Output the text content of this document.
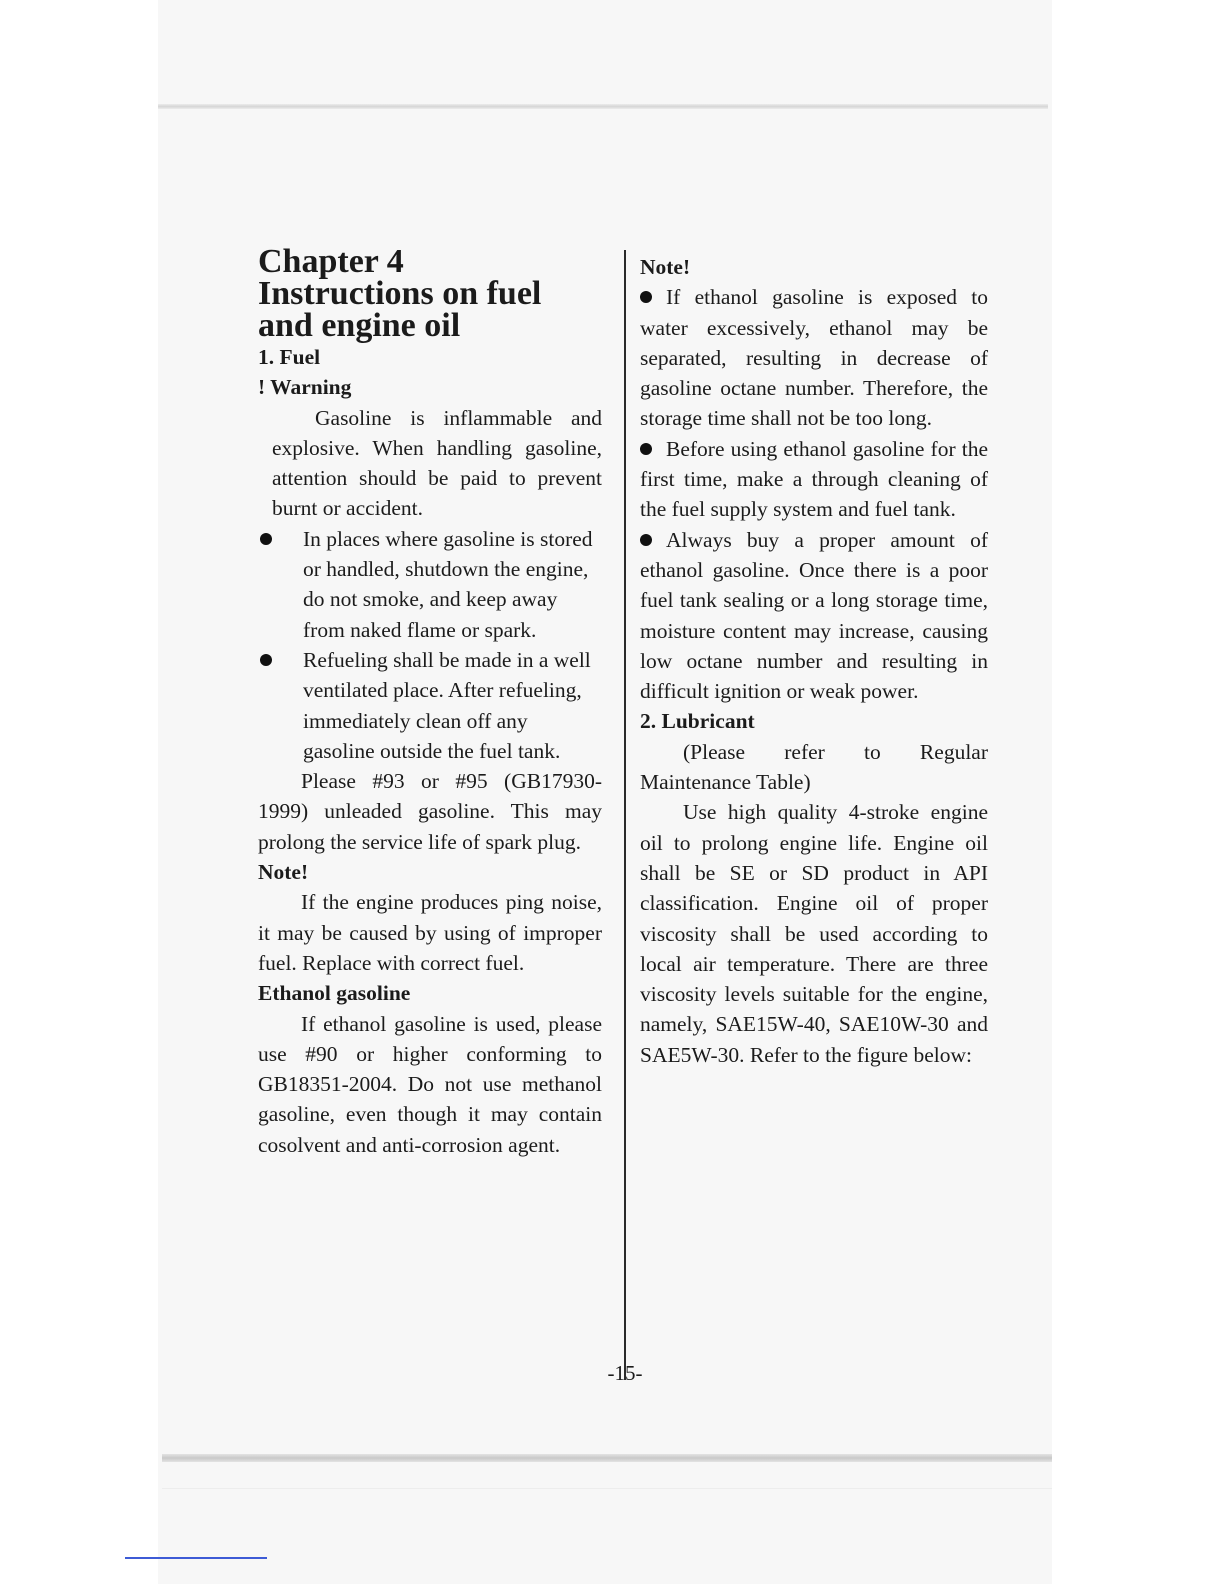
Chapter 4

Instructions on fuel

and engine oil

1. Fuel

! Warning

Gasoline is inflammable and explosive. When handling gasoline, attention should be paid to prevent burnt or accident.

In places where gasoline is stored or handled, shutdown the engine, do not smoke, and keep away from naked flame or spark.

Refueling shall be made in a well ventilated place. After refueling, immediately clean off any gasoline outside the fuel tank.

Please #93 or #95 (GB17930-1999) unleaded gasoline. This may prolong the service life of spark plug.

Note!

If the engine produces ping noise, it may be caused by using of improper fuel. Replace with correct fuel.

Ethanol gasoline

If ethanol gasoline is used, please use #90 or higher conforming to GB18351-2004. Do not use methanol gasoline, even though it may contain cosolvent and anti-corrosion agent.

Note!

If ethanol gasoline is exposed to water excessively, ethanol may be separated, resulting in decrease of gasoline octane number. Therefore, the storage time shall not be too long.

Before using ethanol gasoline for the first time, make a through cleaning of the fuel supply system and fuel tank.

Always buy a proper amount of ethanol gasoline. Once there is a poor fuel tank sealing or a long storage time, moisture content may increase, causing low octane number and resulting in difficult ignition or weak power.

2. Lubricant

(Please refer to Regular Maintenance Table)

Use high quality 4-stroke engine oil to prolong engine life. Engine oil shall be SE or SD product in API classification. Engine oil of proper viscosity shall be used according to local air temperature. There are three viscosity levels suitable for the engine, namely, SAE15W-40, SAE10W-30 and SAE5W-30. Refer to the figure below:

-15-
